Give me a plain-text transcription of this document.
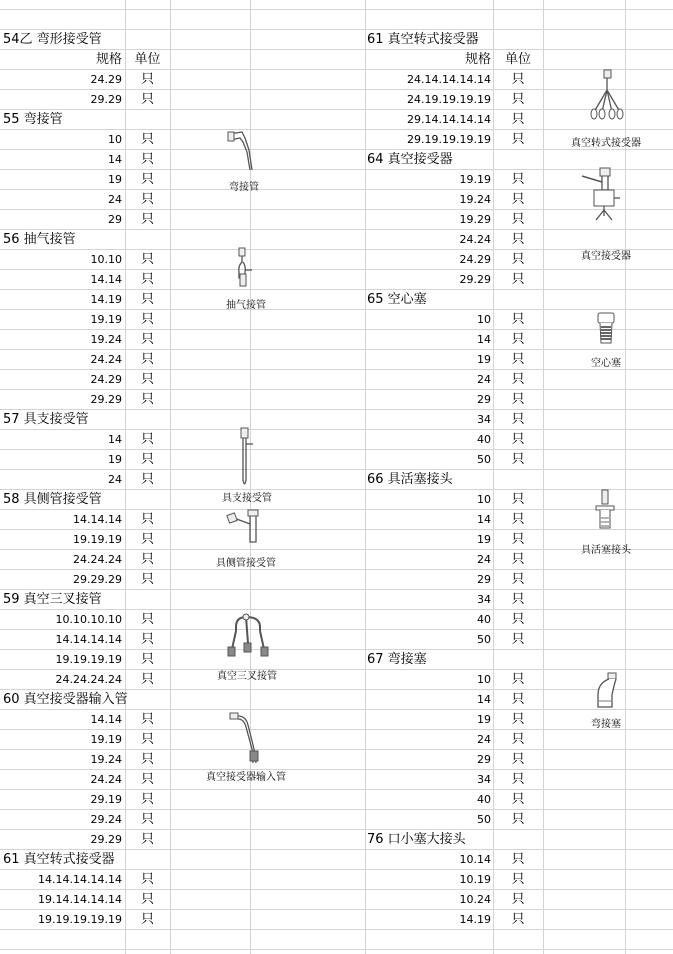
54乙 弯形接受管
规格 单位
24.29	只
29.29	只
55 弯接管
10	只
14	只
19	只
24	只
29	只
弯接管
56 抽气接管
10.10	只
14.14	只
14.19	只
19.19	只
19.24	只
24.24	只
24.29	只
29.29	只
抽气接管
57 具支接受管
14	只
19	只
24	只
具支接受管
58 具侧管接受管
14.14.14	只
19.19.19	只
24.24.24	只
29.29.29	只
具侧管接受管
59 真空三叉接管
10.10.10.10	只
14.14.14.14	只
19.19.19.19	只
24.24.24.24	只	真空三叉接管
60 真空接受器输入管
14.14	只
19.19	只
19.24	只
24.24	只
29.19	只
29.24	只
29.29	只
真空接受器输入管
61 真空转式接受器
14.14.14.14.14	只
19.14.14.14.14	只
19.19.19.19.19	只
61 真空转式接受器
规格	单位
24.14.14.14.14	只
24.19.19.19.19	只
29.14.14.14.14	只
29.19.19.19.19	只	真空转式接受器
64 真空接受器
19.19	只
19.24	只
19.29	只
24.24	只
24.29	只
29.29	只
真空接受器
65 空心塞
10	只
14	只
19	只
24	只
29	只
34	只
40	只
50	只
空心塞
66 具活塞接头
10	只
14	只
19	只
24	只
29	只
34	只
40	只
50	只
具活塞接头
67 弯接塞
10	只
14	只
19	只
24	只
29	只
34	只
40	只
50	只
弯接塞
76 口小塞大接头
10.14	只
10.19	只
10.24	只
14.19	只
